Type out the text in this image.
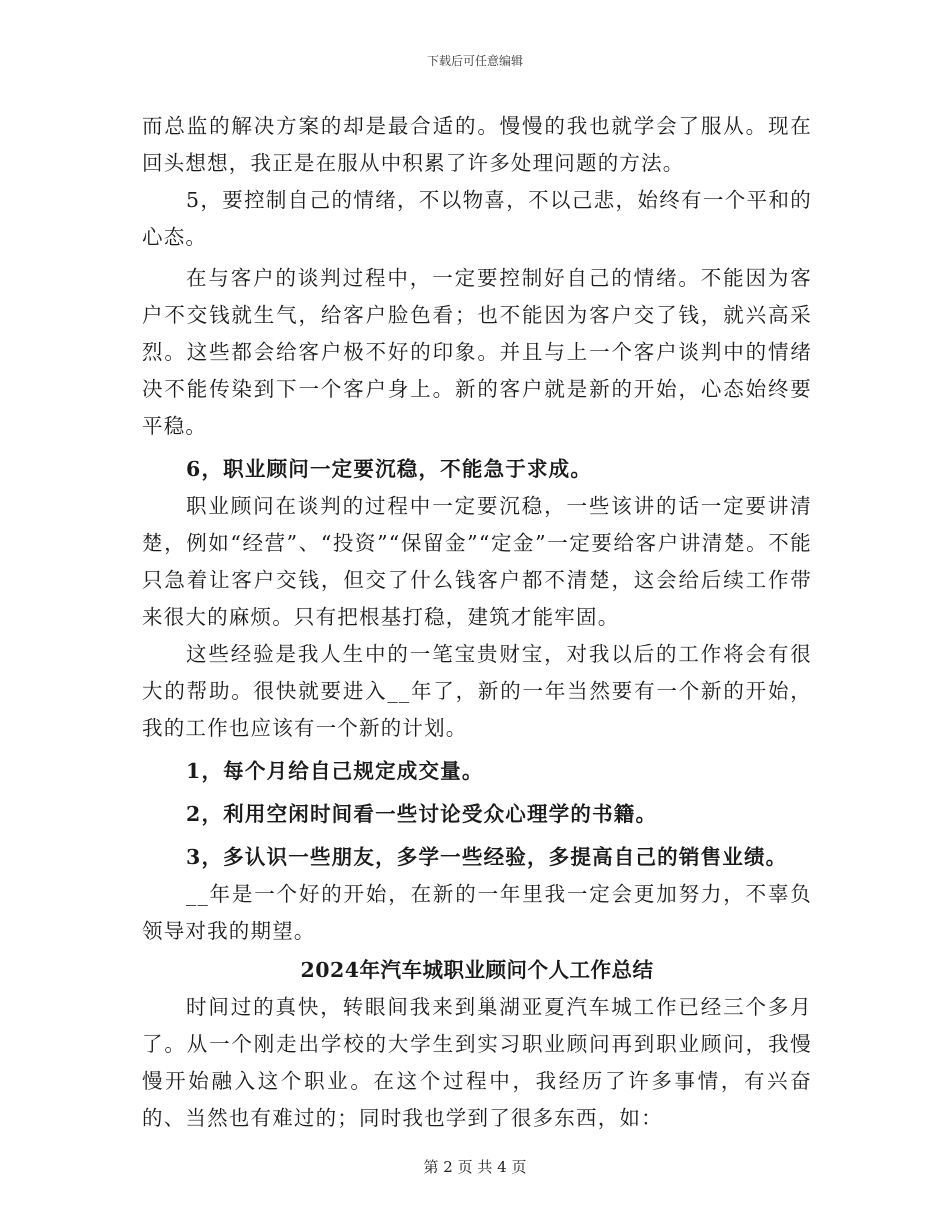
下载后可任意编辑

而总监的解决方案的却是最合适的。慢慢的我也就学会了服从。现在回头想想，我正是在服从中积累了许多处理问题的方法。

5，要控制自己的情绪，不以物喜，不以己悲，始终有一个平和的心态。

在与客户的谈判过程中，一定要控制好自己的情绪。不能因为客户不交钱就生气，给客户脸色看；也不能因为客户交了钱，就兴高采烈。这些都会给客户极不好的印象。并且与上一个客户谈判中的情绪决不能传染到下一个客户身上。新的客户就是新的开始，心态始终要平稳。

6，职业顾问一定要沉稳，不能急于求成。

职业顾问在谈判的过程中一定要沉稳，一些该讲的话一定要讲清楚，例如“经营”、“投资”“保留金”“定金”一定要给客户讲清楚。不能只急着让客户交钱，但交了什么钱客户都不清楚，这会给后续工作带来很大的麻烦。只有把根基打稳，建筑才能牢固。

这些经验是我人生中的一笔宝贵财宝，对我以后的工作将会有很大的帮助。很快就要进入__年了，新的一年当然要有一个新的开始，我的工作也应该有一个新的计划。

1，每个月给自己规定成交量。

2，利用空闲时间看一些讨论受众心理学的书籍。

3，多认识一些朋友，多学一些经验，多提高自己的销售业绩。

__年是一个好的开始，在新的一年里我一定会更加努力，不辜负领导对我的期望。

2024年汽车城职业顾问个人工作总结

时间过的真快，转眼间我来到巢湖亚夏汽车城工作已经三个多月了。从一个刚走出学校的大学生到实习职业顾问再到职业顾问，我慢慢开始融入这个职业。在这个过程中，我经历了许多事情，有兴奋的、当然也有难过的；同时我也学到了很多东西，如：

第 2 页 共 4 页
